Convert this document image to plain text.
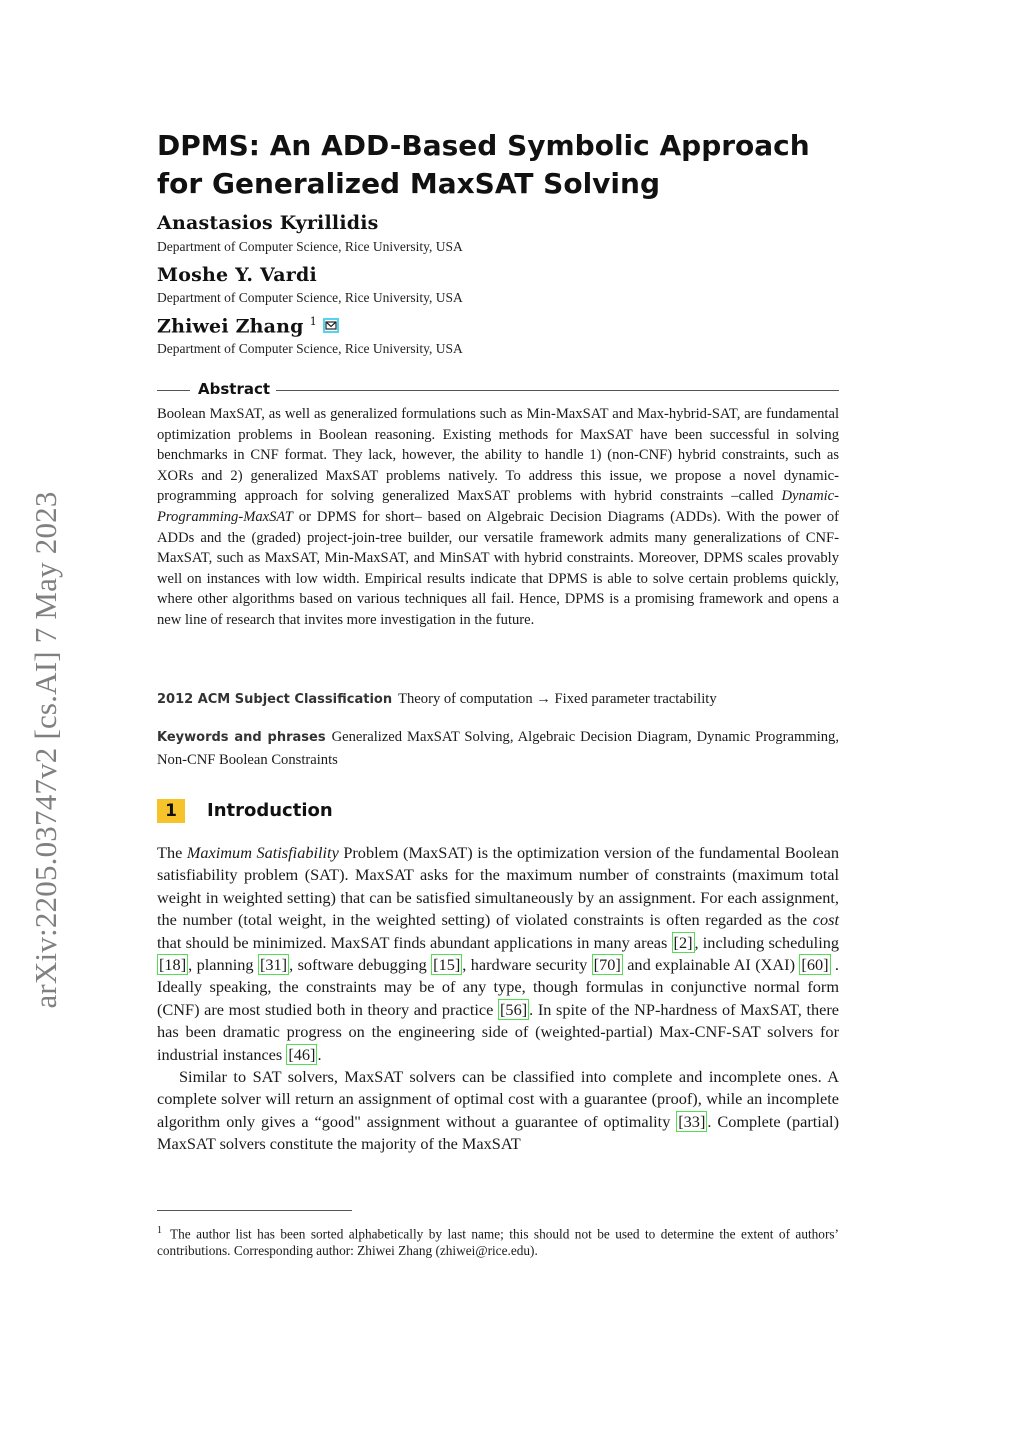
arXiv:2205.03747v2 [cs.AI] 7 May 2023
DPMS: An ADD-Based Symbolic Approach for Generalized MaxSAT Solving
Anastasios Kyrillidis
Department of Computer Science, Rice University, USA
Moshe Y. Vardi
Department of Computer Science, Rice University, USA
Zhiwei Zhang $^1$
Department of Computer Science, Rice University, USA
Abstract
Boolean MaxSAT, as well as generalized formulations such as Min-MaxSAT and Max-hybrid-SAT, are fundamental optimization problems in Boolean reasoning. Existing methods for MaxSAT have been successful in solving benchmarks in CNF format. They lack, however, the ability to handle 1) (non-CNF) hybrid constraints, such as XORs and 2) generalized MaxSAT problems natively. To address this issue, we propose a novel dynamic-programming approach for solving generalized MaxSAT problems with hybrid constraints –called Dynamic-Programming-MaxSAT or DPMS for short– based on Algebraic Decision Diagrams (ADDs). With the power of ADDs and the (graded) project-join-tree builder, our versatile framework admits many generalizations of CNF-MaxSAT, such as MaxSAT, Min-MaxSAT, and MinSAT with hybrid constraints. Moreover, DPMS scales provably well on instances with low width. Empirical results indicate that DPMS is able to solve certain problems quickly, where other algorithms based on various techniques all fail. Hence, DPMS is a promising framework and opens a new line of research that invites more investigation in the future.
2012 ACM Subject Classification Theory of computation → Fixed parameter tractability
Keywords and phrases Generalized MaxSAT Solving, Algebraic Decision Diagram, Dynamic Programming, Non-CNF Boolean Constraints
1	Introduction

The Maximum Satisfiability Problem (MaxSAT) is the optimization version of the fundamental Boolean satisfiability problem (SAT). MaxSAT asks for the maximum number of constraints (maximum total weight in weighted setting) that can be satisfied simultaneously by an assignment. For each assignment, the number (total weight, in the weighted setting) of violated constraints is often regarded as the cost that should be minimized. MaxSAT finds abundant applications in many areas [2] , including scheduling [18] , planning [31] , software debugging [15] , hardware security [70] and explainable AI (XAI) [60] . Ideally speaking, the constraints may be of any type, though formulas in conjunctive normal form (CNF) are most studied both in theory and practice [56] . In spite of the NP-hardness of MaxSAT, there has been dramatic progress on the engineering side of (weighted-partial) Max-CNF-SAT solvers for industrial instances [46] .

Similar to SAT solvers, MaxSAT solvers can be classified into complete and incomplete ones. A complete solver will return an assignment of optimal cost with a guarantee (proof), while an incomplete algorithm only gives a “good" assignment without a guarantee of optimality [33] . Complete (partial) MaxSAT solvers constitute the majority of the MaxSAT

$^1$ The author list has been sorted alphabetically by last name; this should not be used to determine the extent of authors’ contributions. Corresponding author: Zhiwei Zhang (zhiwei@rice.edu).
